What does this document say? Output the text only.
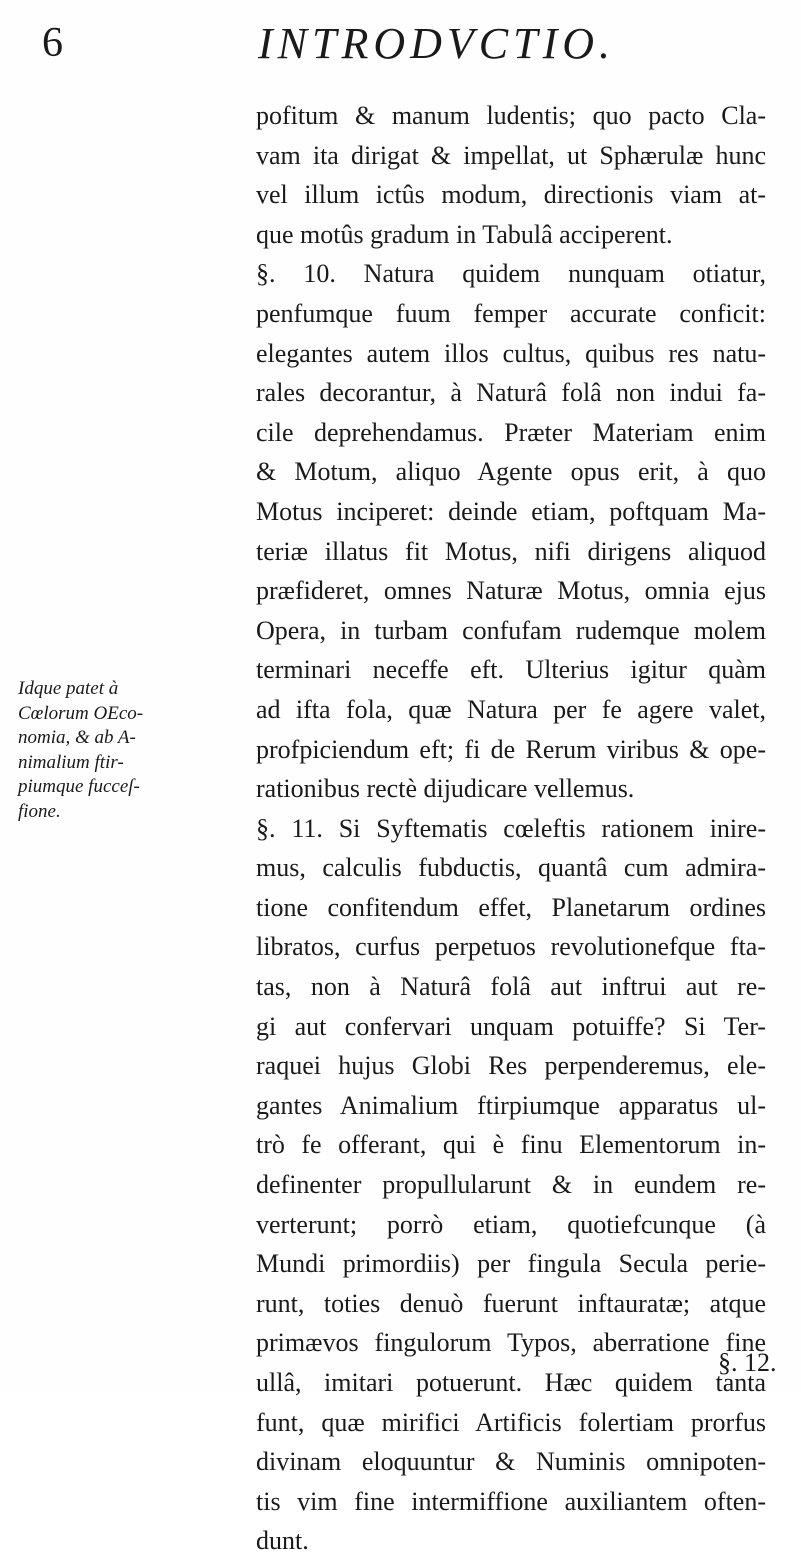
6	INTRODVCTIO.
Idque patet à
Cœlorum OEco-
nomia, & ab A-
nimalium ftir-
piumque fucceſ-
fione.
pofitum & manum ludentis; quo pacto Cla-
vam ita dirigat & impellat, ut Sphærulæ hunc
vel illum ictûs modum, directionis viam at-
que motûs gradum in Tabulâ acciperent.
§. 10. Natura quidem nunquam otiatur,
penfumque fuum femper accurate conficit:
elegantes autem illos cultus, quibus res natu-
rales decorantur, à Naturâ folâ non indui fa-
cile deprehendamus. Præter Materiam enim
& Motum, aliquo Agente opus erit, à quo
Motus inciperet: deinde etiam, poftquam Ma-
teriæ illatus fit Motus, nifi dirigens aliquod
præfideret, omnes Naturæ Motus, omnia ejus
Opera, in turbam confufam rudemque molem
terminari neceffe eft. Ulterius igitur quàm
ad ifta fola, quæ Natura per fe agere valet,
profpiciendum eft; fi de Rerum viribus & ope-
rationibus rectè dijudicare vellemus.
§. 11. Si Syftematis cœleftis rationem inire-
mus, calculis fubductis, quantâ cum admira-
tione confitendum effet, Planetarum ordines
libratos, curfus perpetuos revolutionefque fta-
tas, non à Naturâ folâ aut inftrui aut re-
gi aut confervari unquam potuiffe? Si Ter-
raquei hujus Globi Res perpenderemus, ele-
gantes Animalium ftirpiumque apparatus ul-
trò fe offerant, qui è finu Elementorum in-
definenter propullularunt & in eundem re-
verterunt; porrò etiam, quotiefcunque (à
Mundi primordiis) per fingula Secula perie-
runt, toties denuò fuerunt inftauratæ; atque
primævos fingulorum Typos, aberratione fine
ullâ, imitari potuerunt. Hæc quidem tanta
funt, quæ mirifici Artificis folertiam prorfus
divinam eloquuntur & Numinis omnipoten-
tis vim fine intermiffione auxiliantem often-
dunt.
§. 12.
